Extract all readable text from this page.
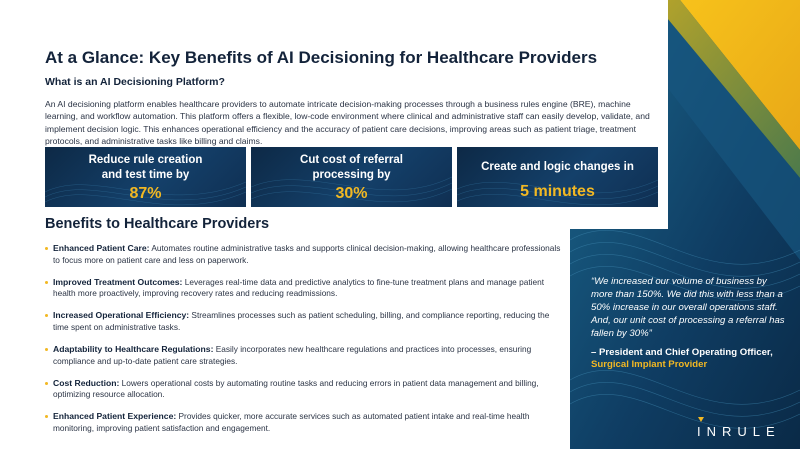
At a Glance: Key Benefits of AI Decisioning for Healthcare Providers
What is an AI Decisioning Platform?

An AI decisioning platform enables healthcare providers to automate intricate decision-making processes through a business rules engine (BRE), machine learning, and workflow automation. This platform offers a flexible, low-code environment where clinical and administrative staff can easily develop, validate, and implement decision logic. This enhances operational efficiency and the accuracy of patient care decisions, improving areas such as patient triage, treatment protocols, and administrative tasks like billing and claims.

Reduce rule creation
and test time by
87%
Cut cost of referral
processing by
30%
Create and logic changes in
5 minutes
Benefits to Healthcare Providers
Enhanced Patient Care: Automates routine administrative tasks and supports clinical decision-making, allowing healthcare professionals to focus more on patient care and less on paperwork.
Improved Treatment Outcomes: Leverages real-time data and predictive analytics to fine-tune treatment plans and manage patient health more proactively, improving recovery rates and reducing readmissions.
Increased Operational Efficiency: Streamlines processes such as patient scheduling, billing, and compliance reporting, reducing the time spent on administrative tasks.
Adaptability to Healthcare Regulations: Easily incorporates new healthcare regulations and practices into processes, ensuring compliance and up-to-date patient care strategies.
Cost Reduction: Lowers operational costs by automating routine tasks and reducing errors in patient data management and billing, optimizing resource allocation.
Enhanced Patient Experience: Provides quicker, more accurate services such as automated patient intake and real-time health monitoring, improving patient satisfaction and engagement.

“We increased our volume of business by more than 150%. We did this with less than a 50% increase in our overall operations staff. And, our unit cost of processing a referral has fallen by 30%”

– President and Chief Operating Officer,
Surgical Implant Provider
INRULE
